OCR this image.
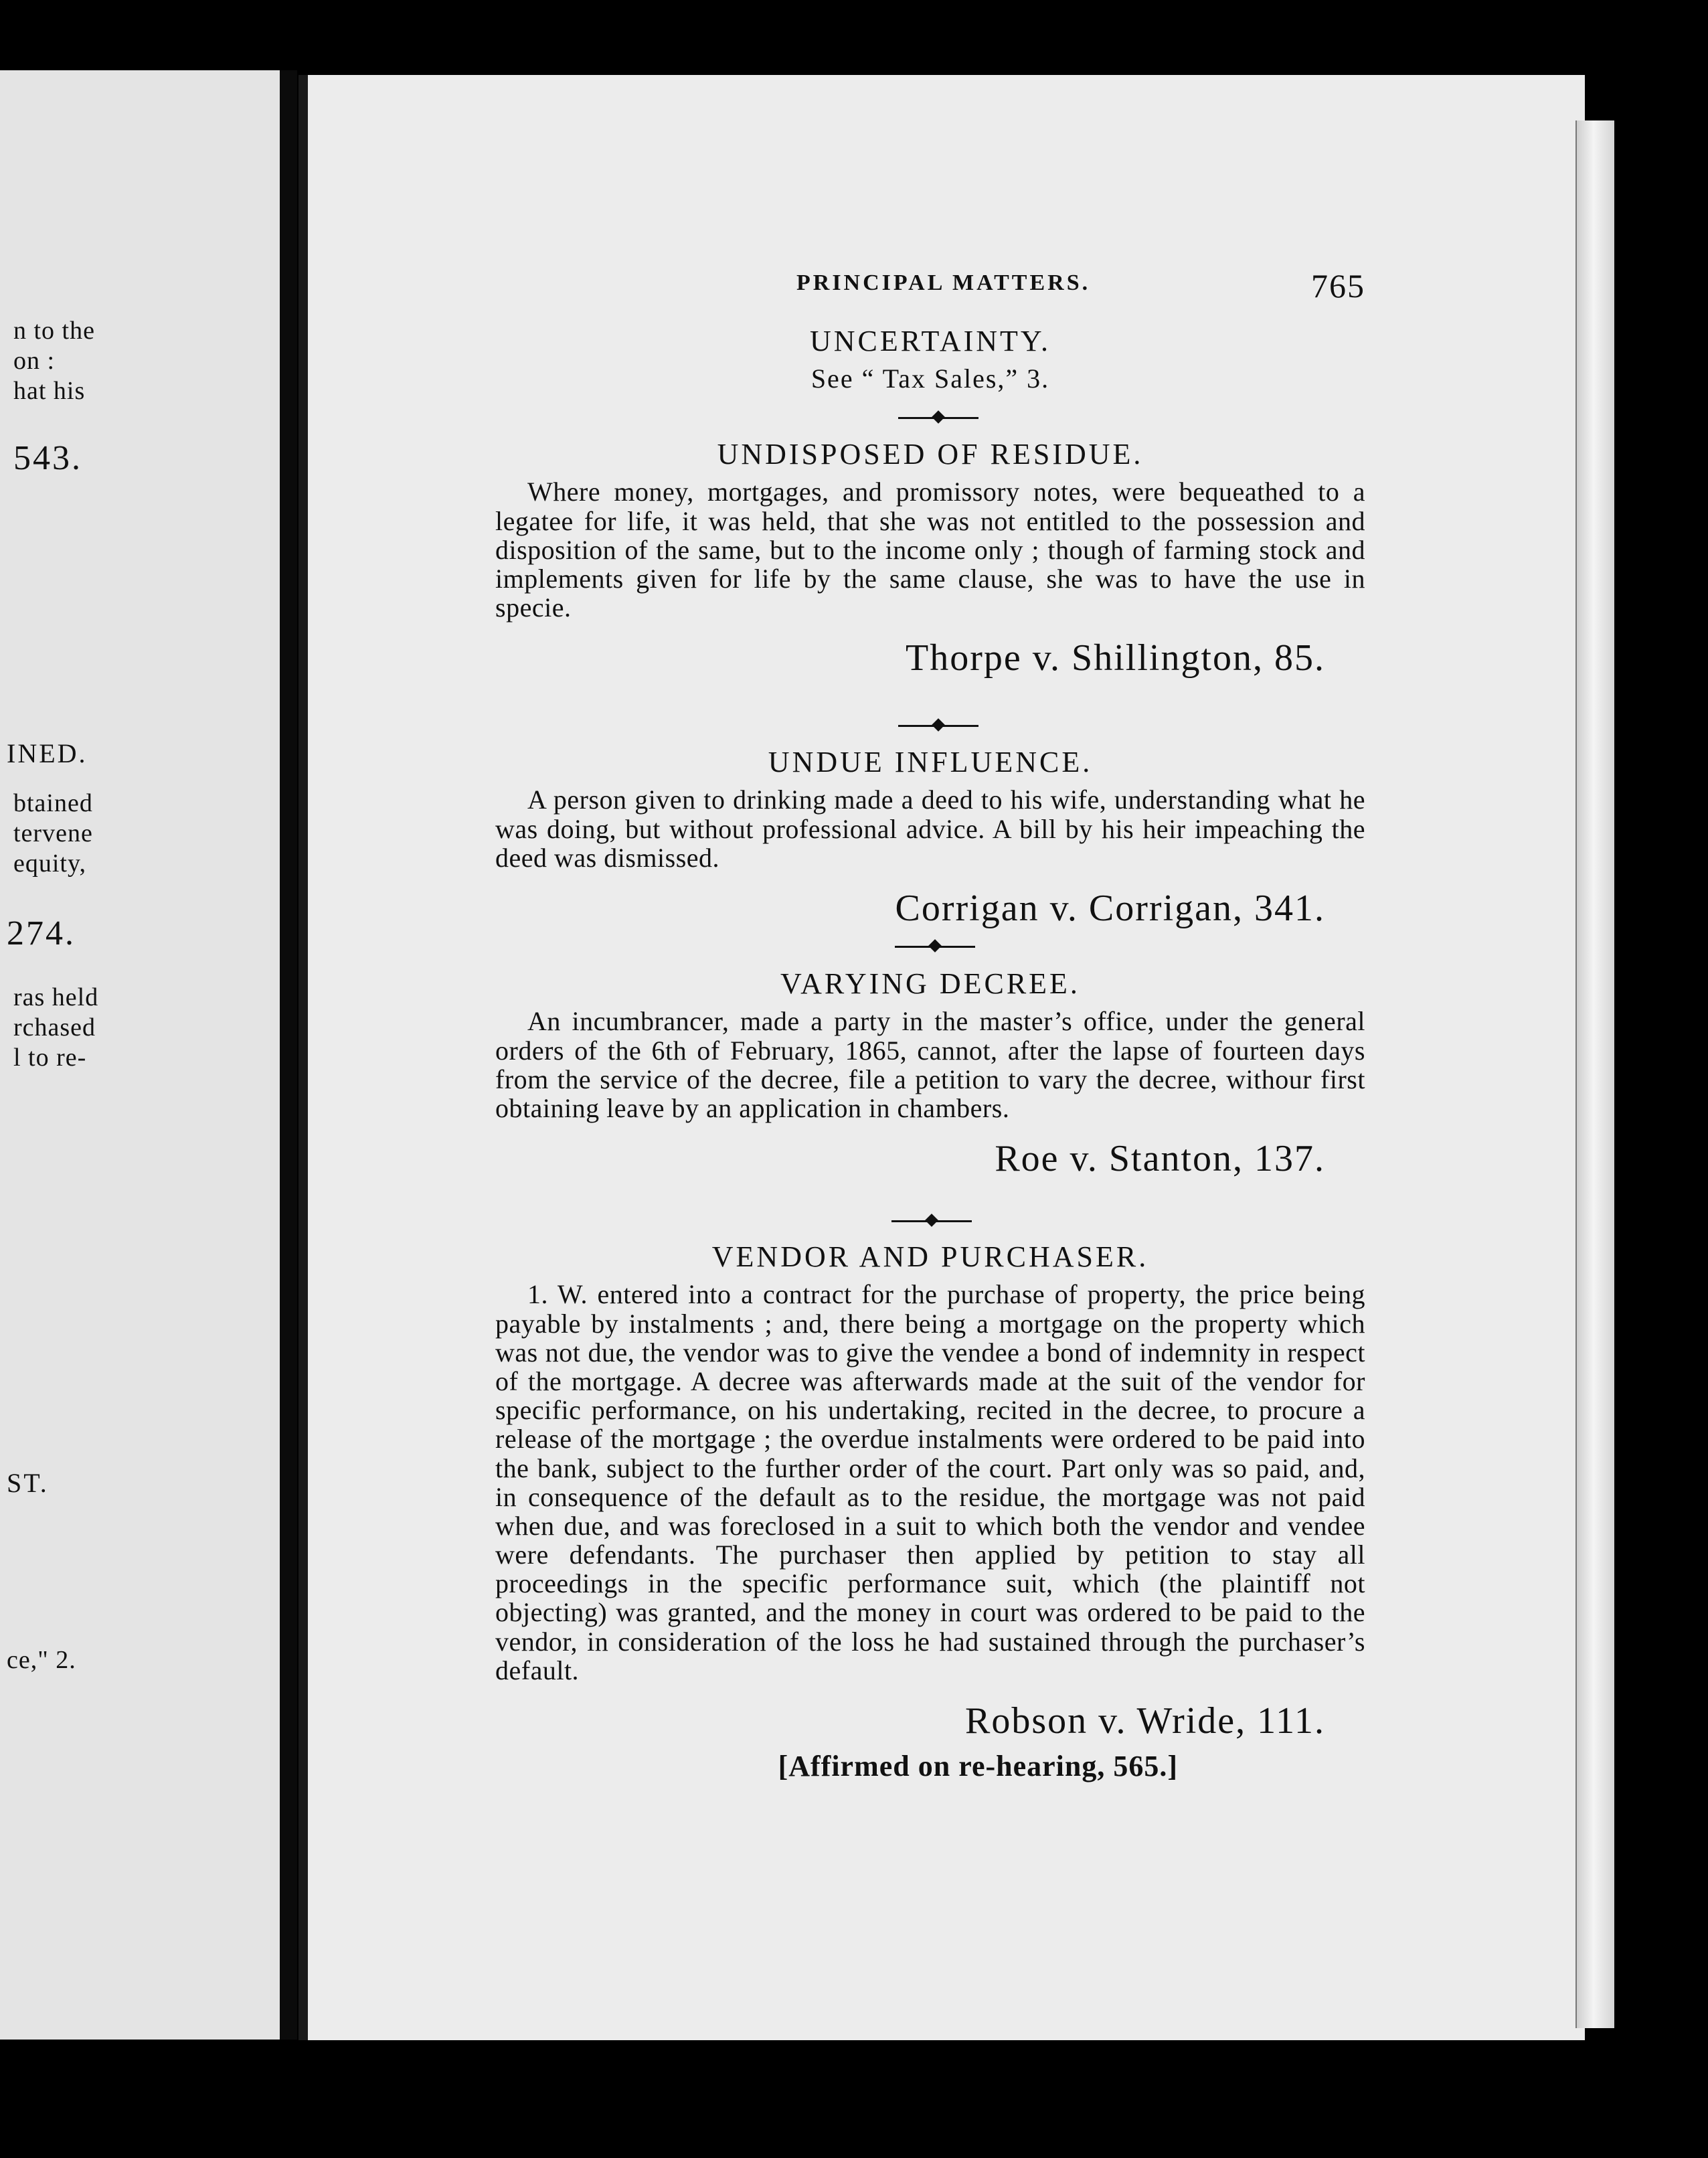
n to the
on :
hat his
543.
INED.
btained
tervene
equity,
274.
ras held
rchased
l to re-
ST.
ce," 2.
PRINCIPAL MATTERS.	765
UNCERTAINTY.

See “ Tax Sales,” 3.

UNDISPOSED OF RESIDUE.

Where money, mortgages, and promissory notes, were bequeathed to a legatee for life, it was held, that she was not entitled to the possession and disposition of the same, but to the income only ; though of farming stock and implements given for life by the same clause, she was to have the use in specie.

Thorpe v. Shillington, 85.

UNDUE INFLUENCE.

A person given to drinking made a deed to his wife, understanding what he was doing, but without professional advice. A bill by his heir impeaching the deed was dismissed.

Corrigan v. Corrigan, 341.

VARYING DECREE.

An incumbrancer, made a party in the master’s office, under the general orders of the 6th of February, 1865, cannot, after the lapse of fourteen days from the service of the decree, file a petition to vary the decree, withour first obtaining leave by an application in chambers.

Roe v. Stanton, 137.

VENDOR AND PURCHASER.

1. W. entered into a contract for the purchase of property, the price being payable by instalments ; and, there being a mortgage on the property which was not due, the vendor was to give the vendee a bond of indemnity in respect of the mortgage. A decree was afterwards made at the suit of the vendor for specific performance, on his undertaking, recited in the decree, to procure a release of the mortgage ; the overdue instalments were ordered to be paid into the bank, subject to the further order of the court. Part only was so paid, and, in consequence of the default as to the residue, the mortgage was not paid when due, and was foreclosed in a suit to which both the vendor and vendee were defendants. The purchaser then applied by petition to stay all proceedings in the specific performance suit, which (the plaintiff not objecting) was granted, and the money in court was ordered to be paid to the vendor, in consideration of the loss he had sustained through the purchaser’s default.

Robson v. Wride, 111.

[Affirmed on re-hearing, 565.]
